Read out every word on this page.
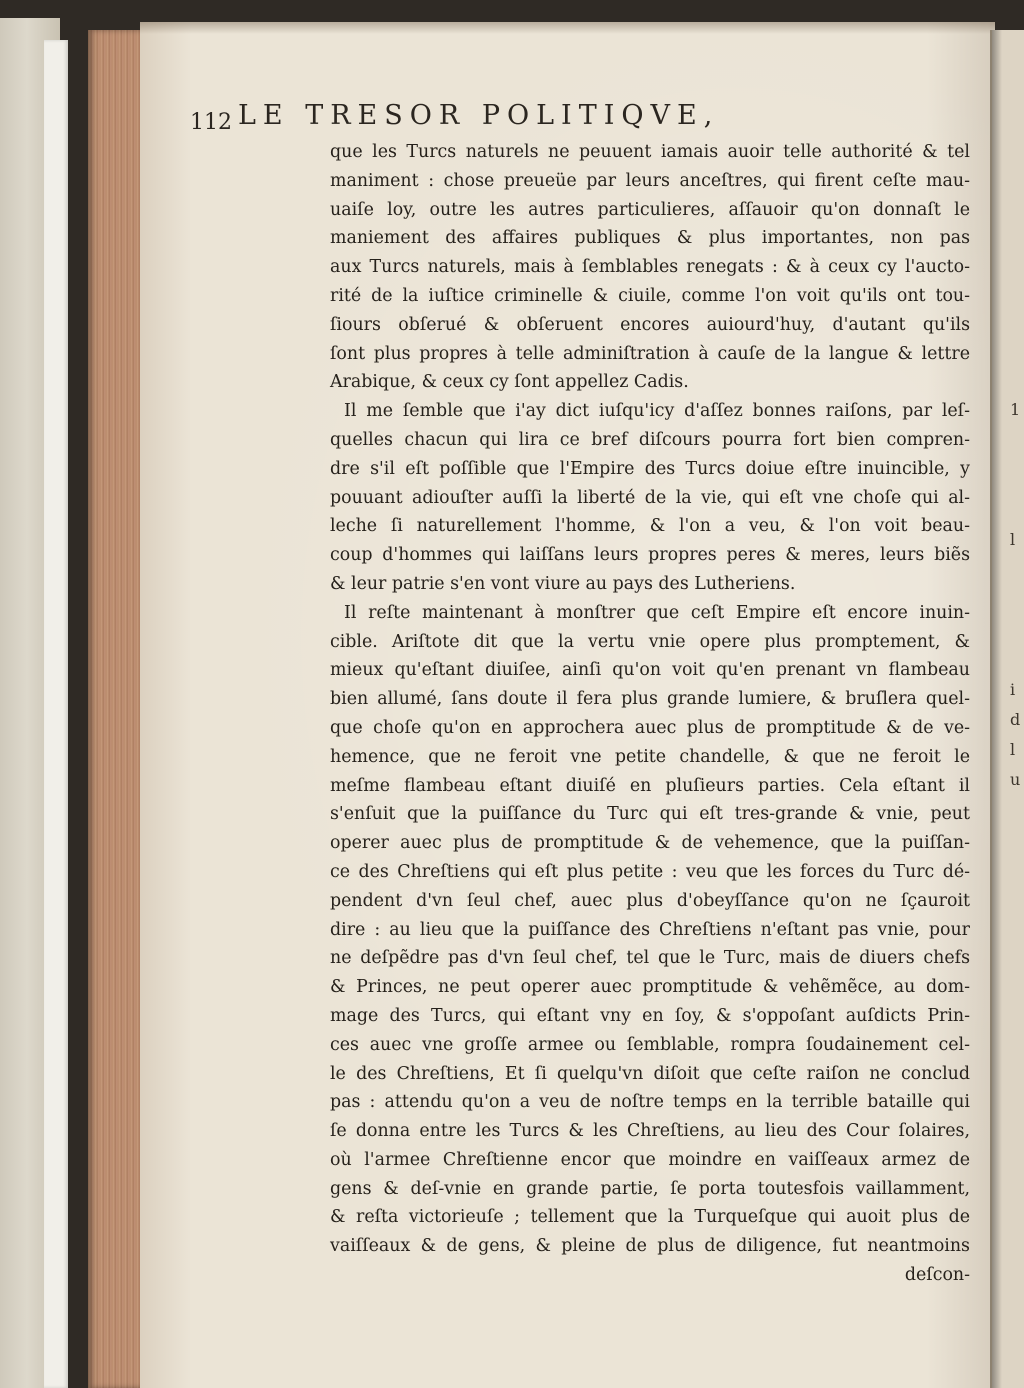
1
l
i
d
l
u
112 LE TRESOR POLITIQVE,
que les Turcs naturels ne peuuent iamais auoir telle authorité & tel
maniment : chose preueüe par leurs anceſtres, qui firent ceſte mau-
uaiſe loy, outre les autres particulieres, aſſauoir qu'on donnaſt le
maniement des affaires publiques & plus importantes, non pas
aux Turcs naturels, mais à ſemblables renegats : & à ceux cy l'aucto-
rité de la iuſtice criminelle & ciuile, comme l'on voit qu'ils ont tou-
ſiours obſerué & obſeruent encores auiourd'huy, d'autant qu'ils
ſont plus propres à telle adminiſtration à cauſe de la langue & lettre
Arabique, & ceux cy ſont appellez Cadis.
Il me ſemble que i'ay dict iuſqu'icy d'aſſez bonnes raiſons, par leſ-
quelles chacun qui lira ce bref diſcours pourra fort bien compren-
dre s'il eſt poſſible que l'Empire des Turcs doiue eſtre inuincible, y
pouuant adiouſter auſſi la liberté de la vie, qui eſt vne choſe qui al-
leche ſi naturellement l'homme, & l'on a veu, & l'on voit beau-
coup d'hommes qui laiſſans leurs propres peres & meres, leurs biẽs
& leur patrie s'en vont viure au pays des Lutheriens.
Il reſte maintenant à monſtrer que ceſt Empire eſt encore inuin-
cible. Ariſtote dit que la vertu vnie opere plus promptement, &
mieux qu'eſtant diuiſee, ainſi qu'on voit qu'en prenant vn flambeau
bien allumé, ſans doute il fera plus grande lumiere, & bruſlera quel-
que choſe qu'on en approchera auec plus de promptitude & de ve-
hemence, que ne feroit vne petite chandelle, & que ne feroit le
meſme flambeau eſtant diuiſé en pluſieurs parties. Cela eſtant il
s'enſuit que la puiſſance du Turc qui eſt tres-grande & vnie, peut
operer auec plus de promptitude & de vehemence, que la puiſſan-
ce des Chreſtiens qui eſt plus petite : veu que les forces du Turc dé-
pendent d'vn ſeul chef, auec plus d'obeyſſance qu'on ne ſçauroit
dire : au lieu que la puiſſance des Chreſtiens n'eſtant pas vnie, pour
ne deſpẽdre pas d'vn ſeul chef, tel que le Turc, mais de diuers chefs
& Princes, ne peut operer auec promptitude & vehẽmẽce, au dom-
mage des Turcs, qui eſtant vny en ſoy, & s'oppoſant auſdicts Prin-
ces auec vne groſſe armee ou ſemblable, rompra ſoudainement cel-
le des Chreſtiens, Et ſi quelqu'vn diſoit que ceſte raiſon ne conclud
pas : attendu qu'on a veu de noſtre temps en la terrible bataille qui
ſe donna entre les Turcs & les Chreſtiens, au lieu des Cour ſolaires,
où l'armee Chreſtienne encor que moindre en vaiſſeaux armez de
gens & deſ-vnie en grande partie, ſe porta toutesfois vaillamment,
& reſta victorieuſe ; tellement que la Turqueſque qui auoit plus de
vaiſſeaux & de gens, & pleine de plus de diligence, fut neantmoins
deſcon-
